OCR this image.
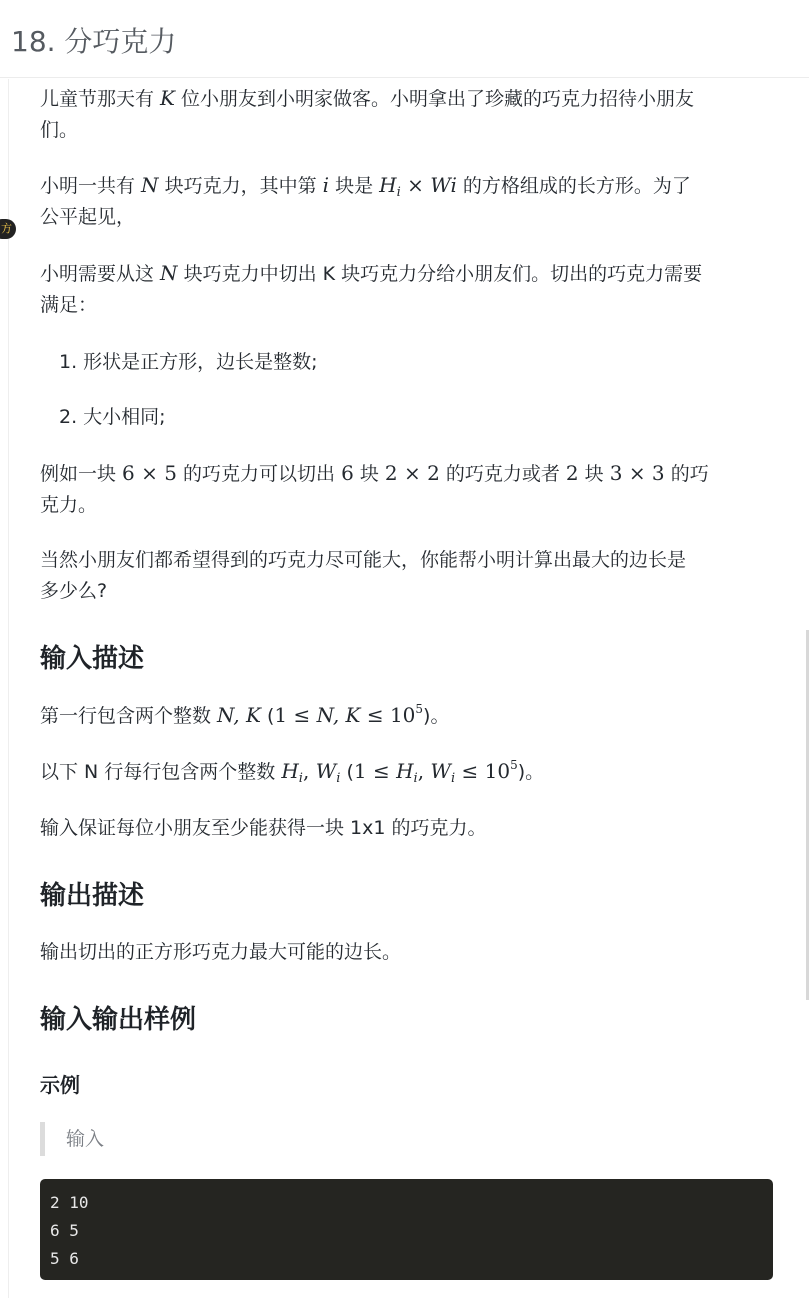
18. 分巧克力
方

儿童节那天有 K 位小朋友到小明家做客。小明拿出了珍藏的巧克力招待小朋友
们。

小明一共有 N 块巧克力，其中第 i 块是 $H_i \times Wi$ 的方格组成的长方形。为了
公平起见，

小明需要从这 N 块巧克力中切出 K 块巧克力分给小朋友们。切出的巧克力需要
满足：

1. 形状是正方形，边长是整数;

2. 大小相同;

例如一块 6 × 5 的巧克力可以切出 6 块 2 × 2 的巧克力或者 2 块 3 × 3 的巧
克力。

当然小朋友们都希望得到的巧克力尽可能大，你能帮小明计算出最大的边长是
多少么?

输入描述

第一行包含两个整数 N, K (1 ≤ N, $K \le 10^5$)。

以下 N 行每行包含两个整数 $H_i$, $W_i$ ($1 \le H_i$, $W_i \le 10^5$)。

输入保证每位小朋友至少能获得一块 1x1 的巧克力。

输出描述

输出切出的正方形巧克力最大可能的边长。

输入输出样例
示例
输入
2 10
6 5
5 6
